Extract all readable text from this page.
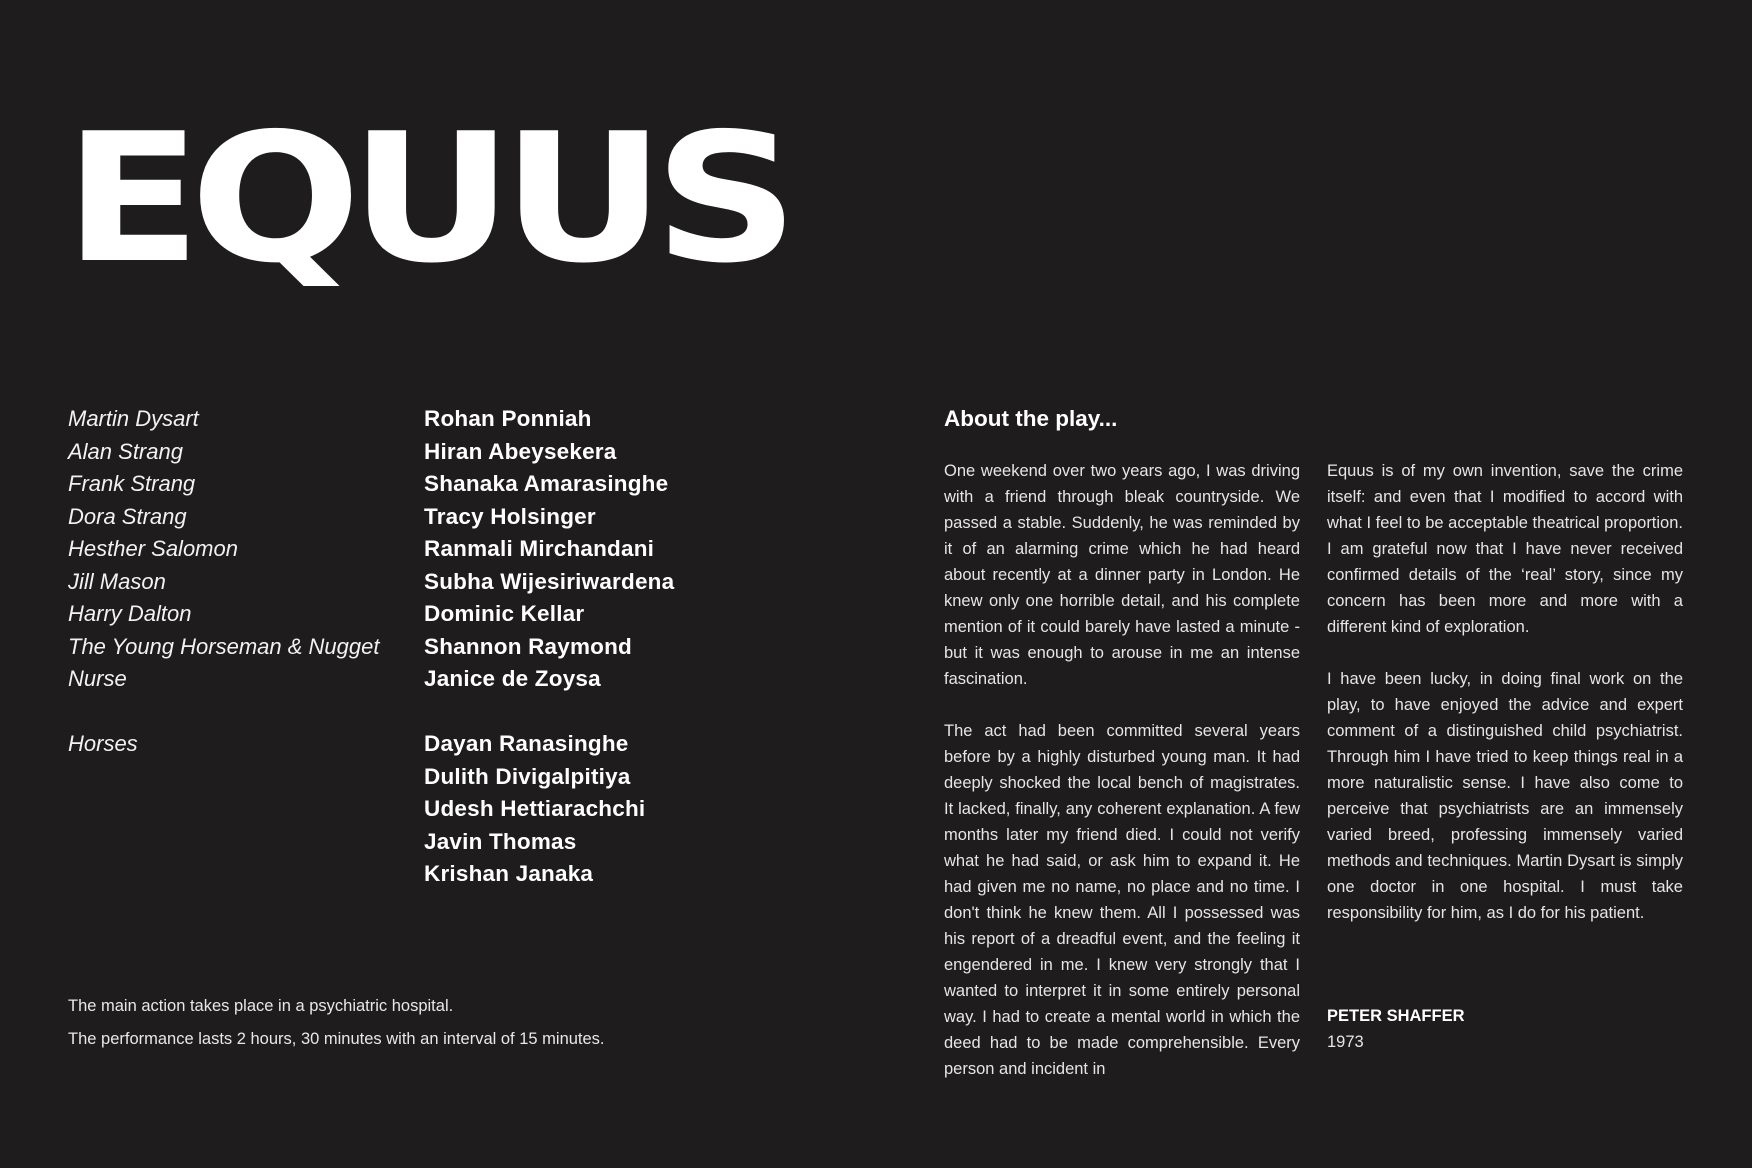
EQUUS
Martin Dysart
Alan Strang
Frank Strang
Dora Strang
Hesther Salomon
Jill Mason
Harry Dalton
The Young Horseman & Nugget
Nurse
Horses
Rohan Ponniah
Hiran Abeysekera
Shanaka Amarasinghe
Tracy Holsinger
Ranmali Mirchandani
Subha Wijesiriwardena
Dominic Kellar
Shannon Raymond
Janice de Zoysa
Dayan Ranasinghe
Dulith Divigalpitiya
Udesh Hettiarachchi
Javin Thomas
Krishan Janaka

The main action takes place in a psychiatric hospital.

The performance lasts 2 hours, 30 minutes with an interval of 15 minutes.

About the play...

One weekend over two years ago, I was driving with a friend through bleak countryside. We passed a stable. Suddenly, he was reminded by it of an alarming crime which he had heard about recently at a dinner party in London. He knew only one horrible detail, and his complete mention of it could barely have lasted a minute - but it was enough to arouse in me an intense fascination.

The act had been committed several years before by a highly disturbed young man. It had deeply shocked the local bench of magistrates. It lacked, finally, any coherent explanation. A few months later my friend died. I could not verify what he had said, or ask him to expand it. He had given me no name, no place and no time. I don't think he knew them. All I possessed was his report of a dreadful event, and the feeling it engendered in me. I knew very strongly that I wanted to interpret it in some entirely personal way. I had to create a mental world in which the deed had to be made comprehensible. Every person and incident in

Equus is of my own invention, save the crime itself: and even that I modified to accord with what I feel to be acceptable theatrical proportion. I am grateful now that I have never received confirmed details of the ‘real’ story, since my concern has been more and more with a different kind of exploration.

I have been lucky, in doing final work on the play, to have enjoyed the advice and expert comment of a distinguished child psychiatrist. Through him I have tried to keep things real in a more naturalistic sense. I have also come to perceive that psychiatrists are an immensely varied breed, professing immensely varied methods and techniques. Martin Dysart is simply one doctor in one hospital. I must take responsibility for him, as I do for his patient.

PETER SHAFFER

1973
